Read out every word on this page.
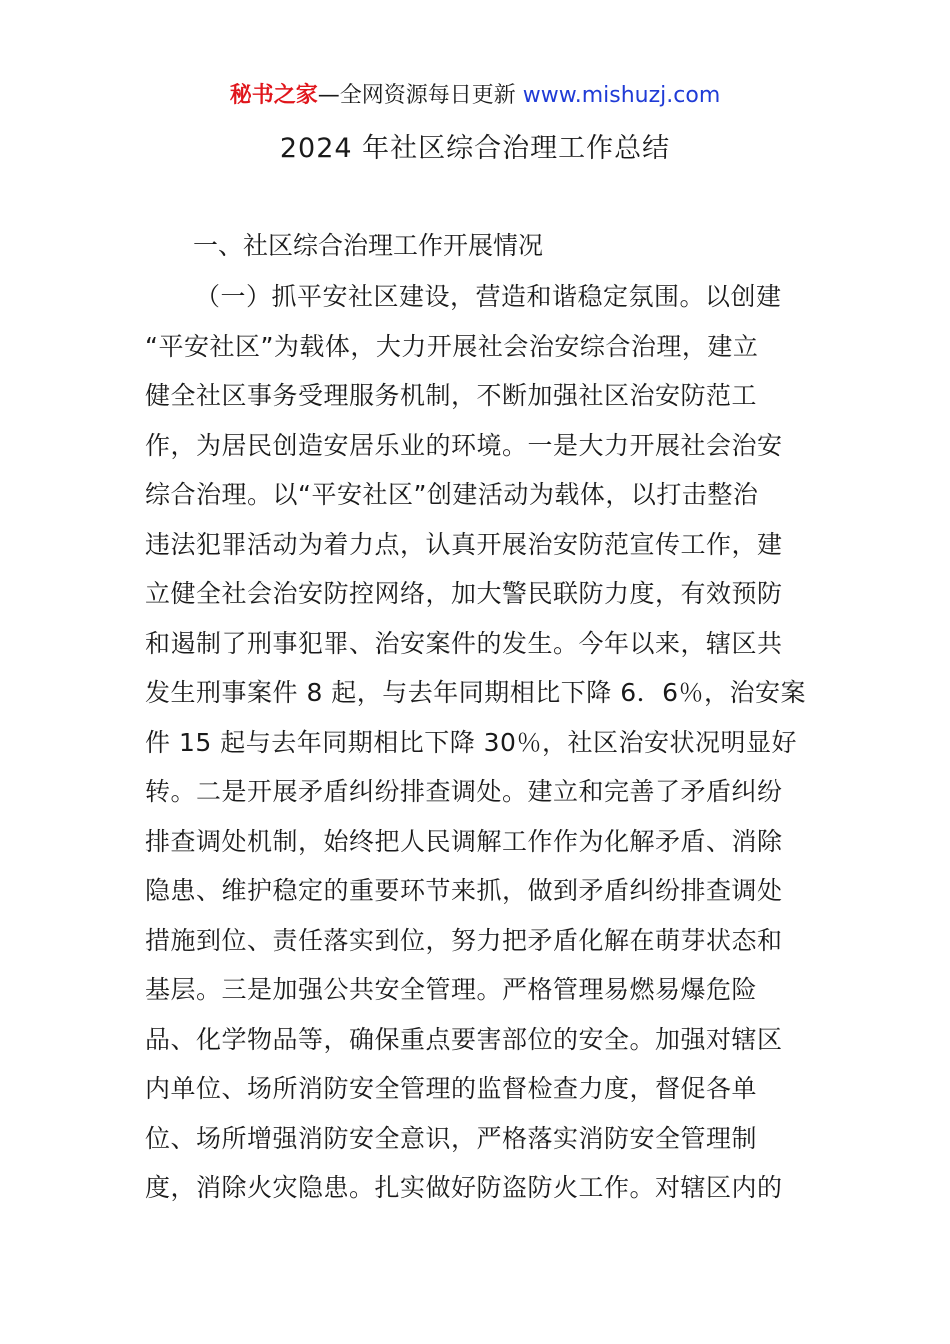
秘书之家—全网资源每日更新 www.mishuzj.com
2024 年社区综合治理工作总结
一、社区综合治理工作开展情况
（一）抓平安社区建设，营造和谐稳定氛围。以创建
“平安社区”为载体，大力开展社会治安综合治理，建立
健全社区事务受理服务机制，不断加强社区治安防范工
作，为居民创造安居乐业的环境。一是大力开展社会治安
综合治理。以“平安社区”创建活动为载体，以打击整治
违法犯罪活动为着力点，认真开展治安防范宣传工作，建
立健全社会治安防控网络，加大警民联防力度，有效预防
和遏制了刑事犯罪、治安案件的发生。今年以来，辖区共
发生刑事案件 8 起，与去年同期相比下降 6．6％，治安案
件 15 起与去年同期相比下降 30％，社区治安状况明显好
转。二是开展矛盾纠纷排查调处。建立和完善了矛盾纠纷
排查调处机制，始终把人民调解工作作为化解矛盾、消除
隐患、维护稳定的重要环节来抓，做到矛盾纠纷排查调处
措施到位、责任落实到位，努力把矛盾化解在萌芽状态和
基层。三是加强公共安全管理。严格管理易燃易爆危险
品、化学物品等，确保重点要害部位的安全。加强对辖区
内单位、场所消防安全管理的监督检查力度，督促各单
位、场所增强消防安全意识，严格落实消防安全管理制
度，消除火灾隐患。扎实做好防盗防火工作。对辖区内的
